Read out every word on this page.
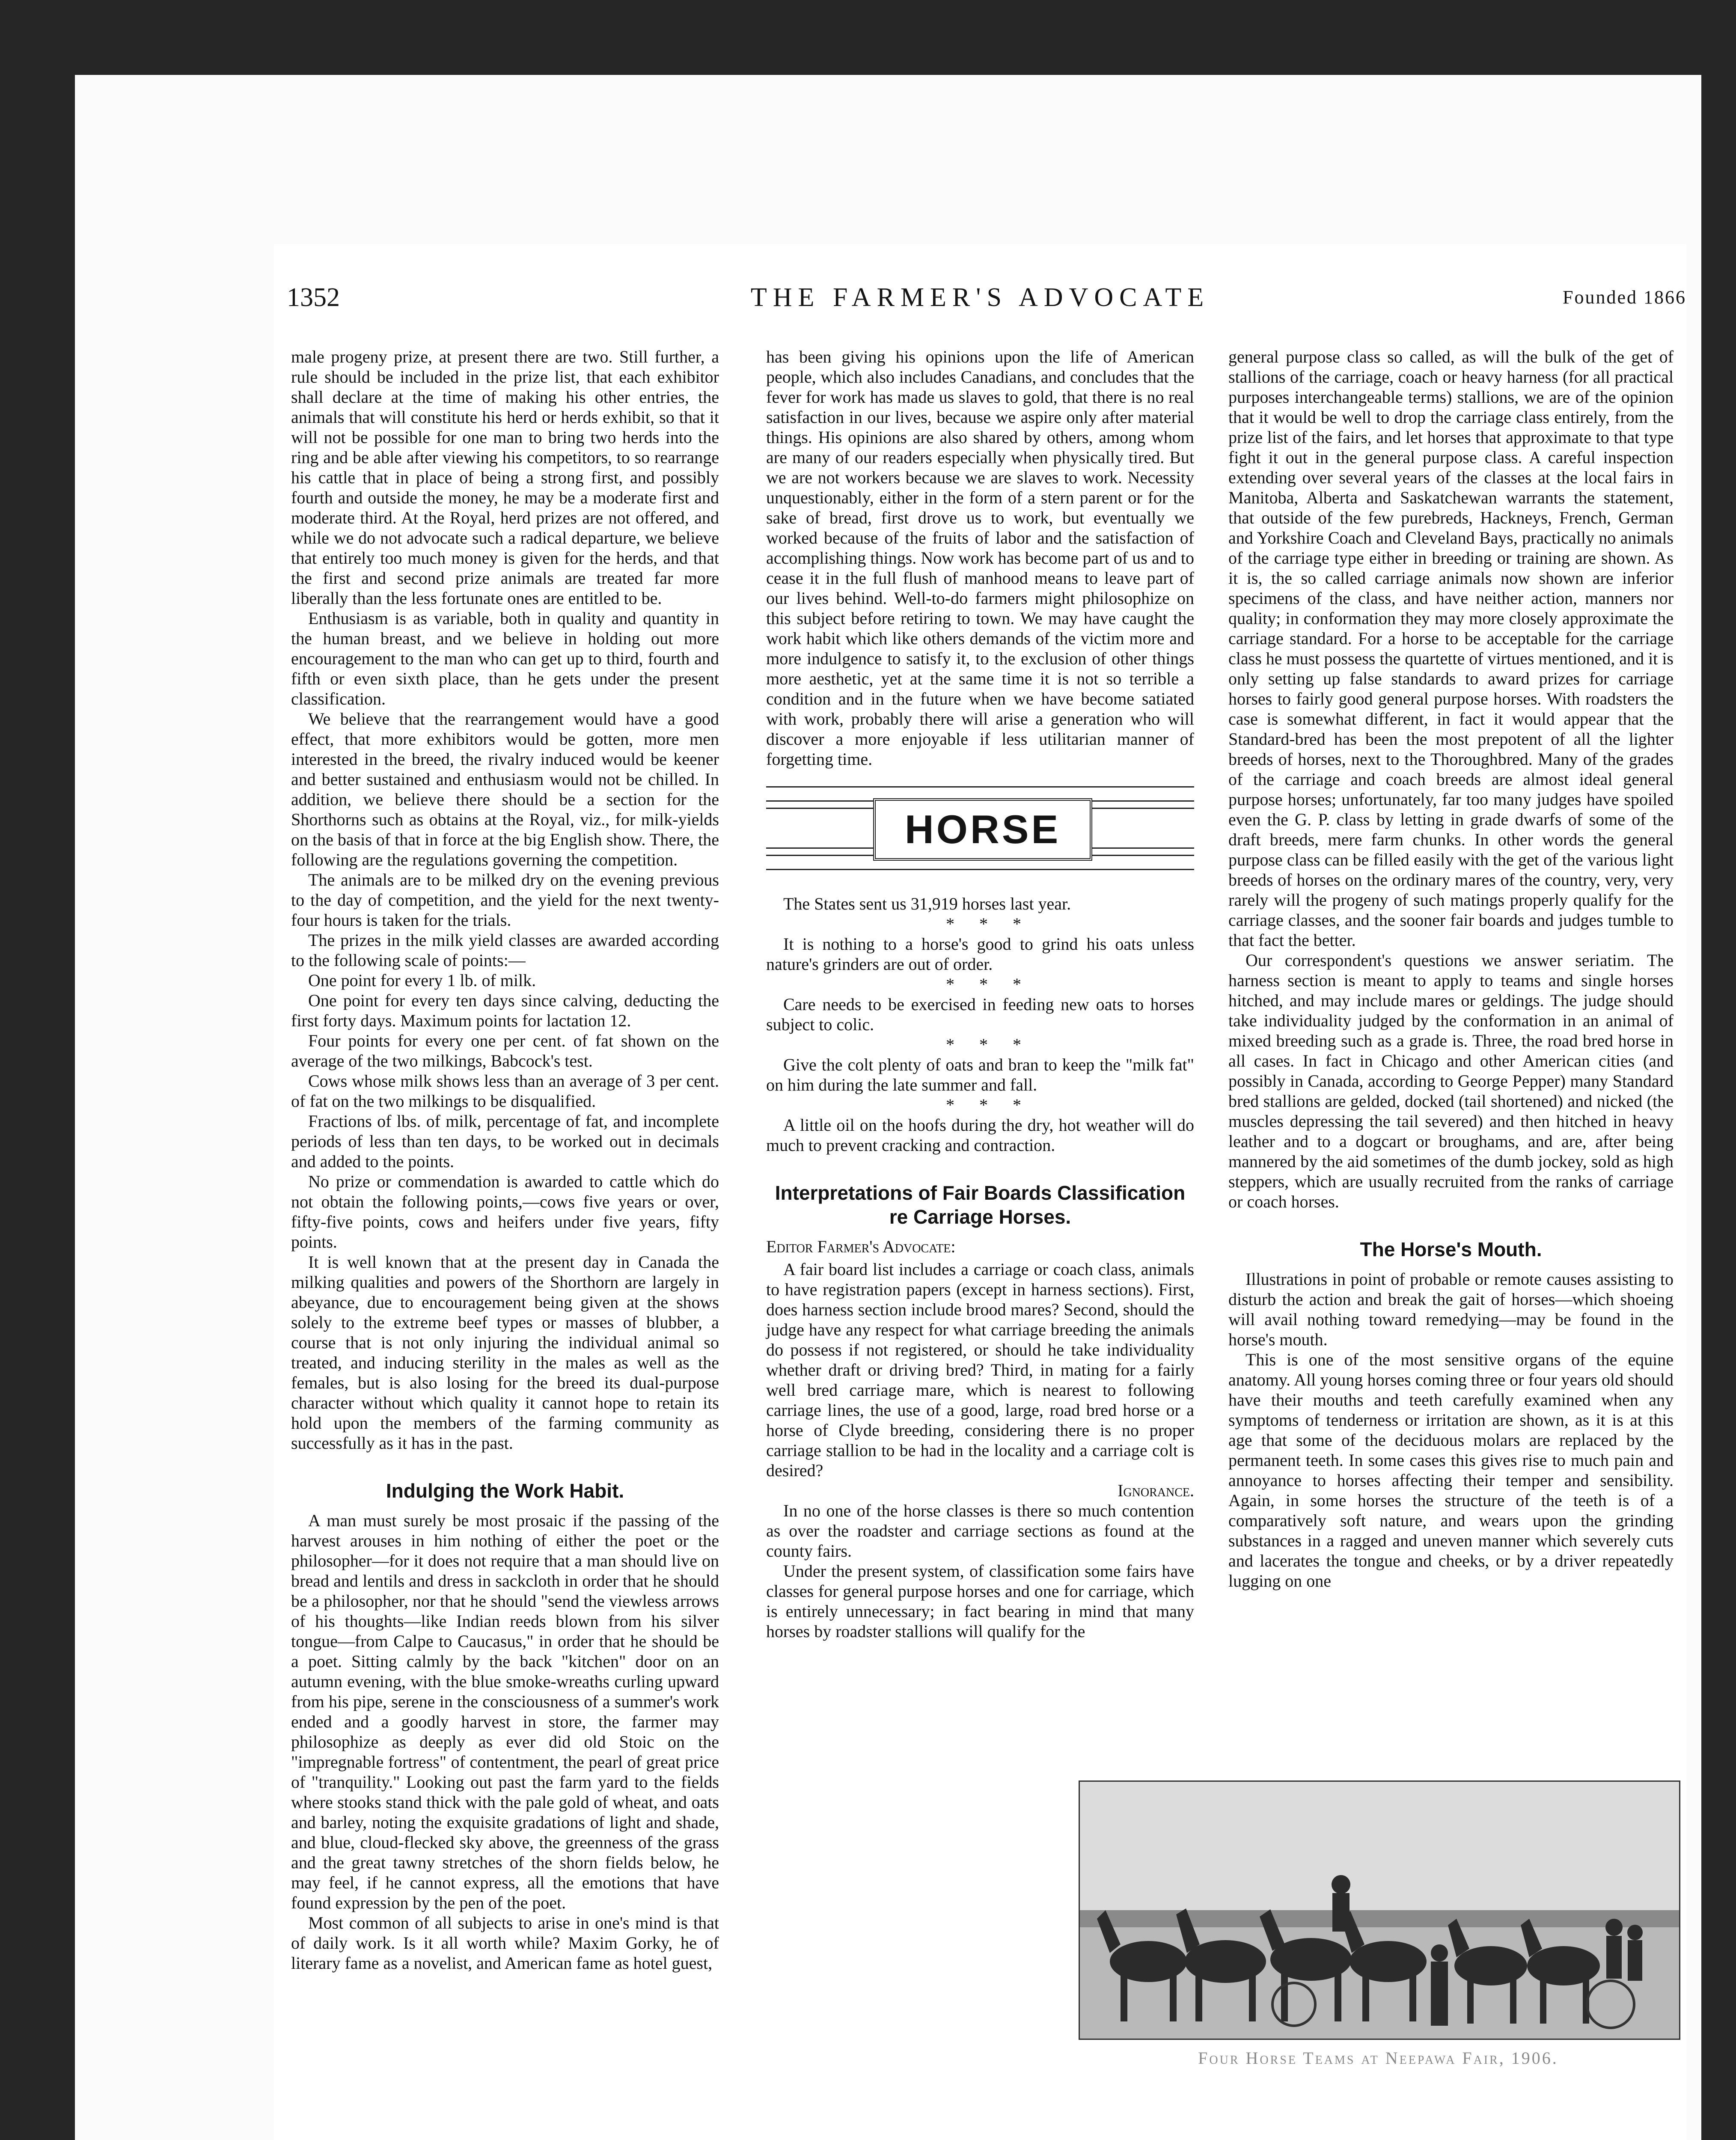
1352	THE FARMER'S ADVOCATE	Founded 1866

male progeny prize, at present there are two. Still further, a rule should be included in the prize list, that each exhibitor shall declare at the time of making his other entries, the animals that will constitute his herd or herds exhibit, so that it will not be possible for one man to bring two herds into the ring and be able after viewing his competitors, to so rearrange his cattle that in place of being a strong first, and possibly fourth and outside the money, he may be a moderate first and moderate third. At the Royal, herd prizes are not offered, and while we do not advocate such a radical departure, we believe that entirely too much money is given for the herds, and that the first and second prize animals are treated far more liberally than the less fortunate ones are entitled to be.

Enthusiasm is as variable, both in quality and quantity in the human breast, and we believe in holding out more encouragement to the man who can get up to third, fourth and fifth or even sixth place, than he gets under the present classification.

We believe that the rearrangement would have a good effect, that more exhibitors would be gotten, more men interested in the breed, the rivalry induced would be keener and better sustained and enthusiasm would not be chilled. In addition, we believe there should be a section for the Shorthorns such as obtains at the Royal, viz., for milk-yields on the basis of that in force at the big English show. There, the following are the regulations governing the competition.

The animals are to be milked dry on the evening previous to the day of competition, and the yield for the next twenty-four hours is taken for the trials.

The prizes in the milk yield classes are awarded according to the following scale of points:—

One point for every 1 lb. of milk.

One point for every ten days since calving, deducting the first forty days. Maximum points for lactation 12.

Four points for every one per cent. of fat shown on the average of the two milkings, Babcock's test.

Cows whose milk shows less than an average of 3 per cent. of fat on the two milkings to be disqualified.

Fractions of lbs. of milk, percentage of fat, and incomplete periods of less than ten days, to be worked out in decimals and added to the points.

No prize or commendation is awarded to cattle which do not obtain the following points,—cows five years or over, fifty-five points, cows and heifers under five years, fifty points.

It is well known that at the present day in Canada the milking qualities and powers of the Shorthorn are largely in abeyance, due to encouragement being given at the shows solely to the extreme beef types or masses of blubber, a course that is not only injuring the individual animal so treated, and inducing sterility in the males as well as the females, but is also losing for the breed its dual-purpose character without which quality it cannot hope to retain its hold upon the members of the farming community as successfully as it has in the past.

Indulging the Work Habit.

A man must surely be most prosaic if the passing of the harvest arouses in him nothing of either the poet or the philosopher—for it does not require that a man should live on bread and lentils and dress in sackcloth in order that he should be a philosopher, nor that he should "send the viewless arrows of his thoughts—like Indian reeds blown from his silver tongue—from Calpe to Caucasus," in order that he should be a poet. Sitting calmly by the back "kitchen" door on an autumn evening, with the blue smoke-wreaths curling upward from his pipe, serene in the consciousness of a summer's work ended and a goodly harvest in store, the farmer may philosophize as deeply as ever did old Stoic on the "impregnable fortress" of contentment, the pearl of great price of "tranquility." Looking out past the farm yard to the fields where stooks stand thick with the pale gold of wheat, and oats and barley, noting the exquisite gradations of light and shade, and blue, cloud-flecked sky above, the greenness of the grass and the great tawny stretches of the shorn fields below, he may feel, if he cannot express, all the emotions that have found expression by the pen of the poet.

Most common of all subjects to arise in one's mind is that of daily work. Is it all worth while? Maxim Gorky, he of literary fame as a novelist, and American fame as hotel guest,

has been giving his opinions upon the life of American people, which also includes Canadians, and concludes that the fever for work has made us slaves to gold, that there is no real satisfaction in our lives, because we aspire only after material things. His opinions are also shared by others, among whom are many of our readers especially when physically tired. But we are not workers because we are slaves to work. Necessity unquestionably, either in the form of a stern parent or for the sake of bread, first drove us to work, but eventually we worked because of the fruits of labor and the satisfaction of accomplishing things. Now work has become part of us and to cease it in the full flush of manhood means to leave part of our lives behind. Well-to-do farmers might philosophize on this subject before retiring to town. We may have caught the work habit which like others demands of the victim more and more indulgence to satisfy it, to the exclusion of other things more aesthetic, yet at the same time it is not so terrible a condition and in the future when we have become satiated with work, probably there will arise a generation who will discover a more enjoyable if less utilitarian manner of forgetting time.

HORSE

The States sent us 31,919 horses last year.

* * *

It is nothing to a horse's good to grind his oats unless nature's grinders are out of order.

* * *

Care needs to be exercised in feeding new oats to horses subject to colic.

* * *

Give the colt plenty of oats and bran to keep the "milk fat" on him during the late summer and fall.

* * *

A little oil on the hoofs during the dry, hot weather will do much to prevent cracking and contraction.

Interpretations of Fair Boards Classification re Carriage Horses.

Editor Farmer's Advocate:

A fair board list includes a carriage or coach class, animals to have registration papers (except in harness sections). First, does harness section include brood mares? Second, should the judge have any respect for what carriage breeding the animals do possess if not registered, or should he take individuality whether draft or driving bred? Third, in mating for a fairly well bred carriage mare, which is nearest to following carriage lines, the use of a good, large, road bred horse or a horse of Clyde breeding, considering there is no proper carriage stallion to be had in the locality and a carriage colt is desired?

Ignorance.

In no one of the horse classes is there so much contention as over the roadster and carriage sections as found at the county fairs.

Under the present system, of classification some fairs have classes for general purpose horses and one for carriage, which is entirely unnecessary; in fact bearing in mind that many horses by roadster stallions will qualify for the

general purpose class so called, as will the bulk of the get of stallions of the carriage, coach or heavy harness (for all practical purposes interchangeable terms) stallions, we are of the opinion that it would be well to drop the carriage class entirely, from the prize list of the fairs, and let horses that approximate to that type fight it out in the general purpose class. A careful inspection extending over several years of the classes at the local fairs in Manitoba, Alberta and Saskatchewan warrants the statement, that outside of the few purebreds, Hackneys, French, German and Yorkshire Coach and Cleveland Bays, practically no animals of the carriage type either in breeding or training are shown. As it is, the so called carriage animals now shown are inferior specimens of the class, and have neither action, manners nor quality; in conformation they may more closely approximate the carriage standard. For a horse to be acceptable for the carriage class he must possess the quartette of virtues mentioned, and it is only setting up false standards to award prizes for carriage horses to fairly good general purpose horses. With roadsters the case is somewhat different, in fact it would appear that the Standard-bred has been the most prepotent of all the lighter breeds of horses, next to the Thoroughbred. Many of the grades of the carriage and coach breeds are almost ideal general purpose horses; unfortunately, far too many judges have spoiled even the G. P. class by letting in grade dwarfs of some of the draft breeds, mere farm chunks. In other words the general purpose class can be filled easily with the get of the various light breeds of horses on the ordinary mares of the country, very, very rarely will the progeny of such matings properly qualify for the carriage classes, and the sooner fair boards and judges tumble to that fact the better.

Our correspondent's questions we answer seriatim. The harness section is meant to apply to teams and single horses hitched, and may include mares or geldings. The judge should take individuality judged by the conformation in an animal of mixed breeding such as a grade is. Three, the road bred horse in all cases. In fact in Chicago and other American cities (and possibly in Canada, according to George Pepper) many Standard bred stallions are gelded, docked (tail shortened) and nicked (the muscles depressing the tail severed) and then hitched in heavy leather and to a dogcart or broughams, and are, after being mannered by the aid sometimes of the dumb jockey, sold as high steppers, which are usually recruited from the ranks of carriage or coach horses.

The Horse's Mouth.

Illustrations in point of probable or remote causes assisting to disturb the action and break the gait of horses—which shoeing will avail nothing toward remedying—may be found in the horse's mouth.

This is one of the most sensitive organs of the equine anatomy. All young horses coming three or four years old should have their mouths and teeth carefully examined when any symptoms of tenderness or irritation are shown, as it is at this age that some of the deciduous molars are replaced by the permanent teeth. In some cases this gives rise to much pain and annoyance to horses affecting their temper and sensibility. Again, in some horses the structure of the teeth is of a comparatively soft nature, and wears upon the grinding substances in a ragged and uneven manner which severely cuts and lacerates the tongue and cheeks, or by a driver repeatedly lugging on one

Four Horse Teams at Neepawa Fair, 1906.
